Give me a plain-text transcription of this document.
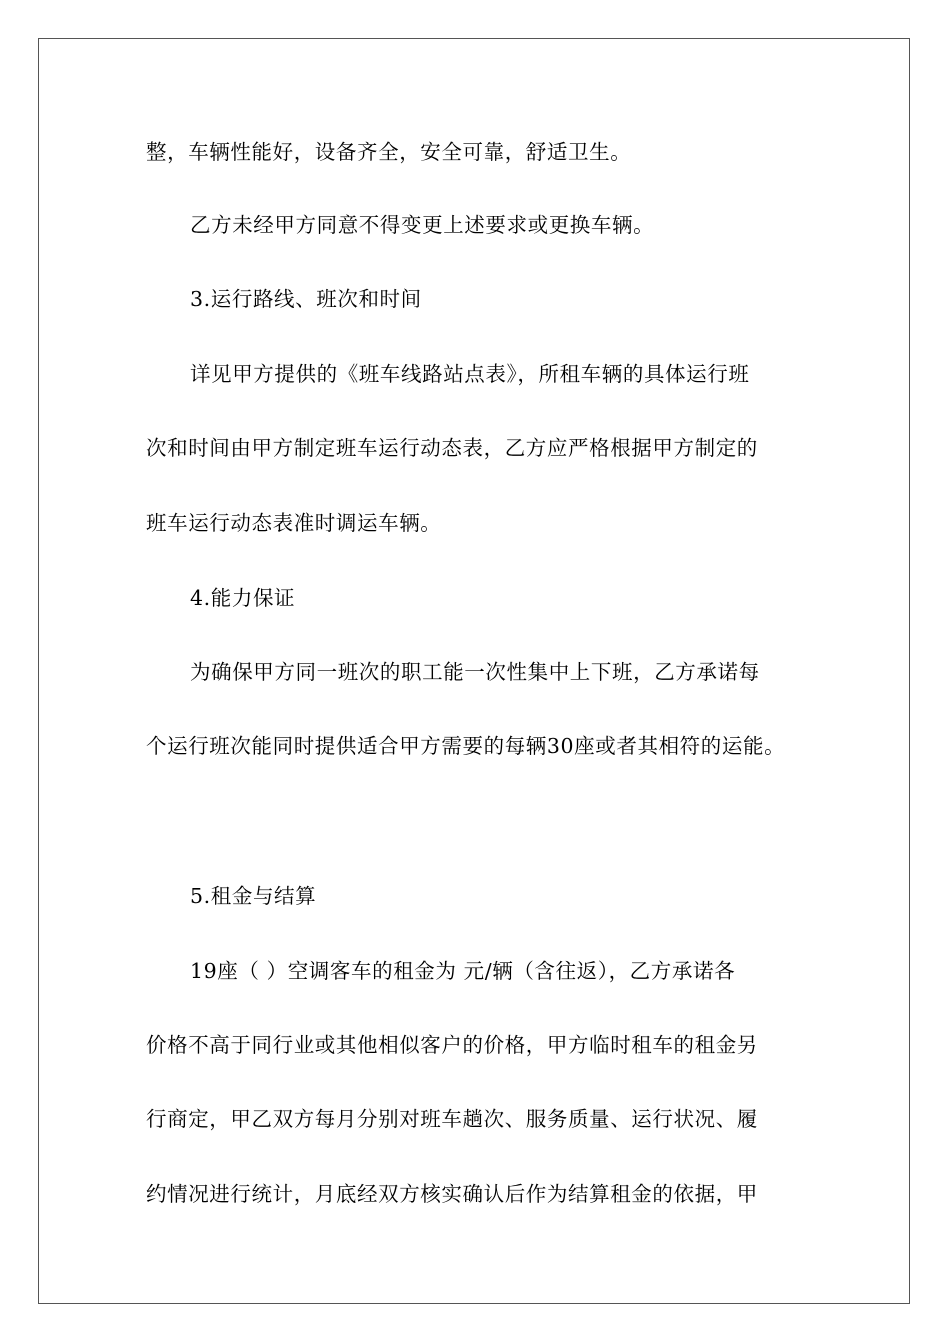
整，车辆性能好，设备齐全，安全可靠，舒适卫生。
乙方未经甲方同意不得变更上述要求或更换车辆。
3.运行路线、班次和时间
详见甲方提供的《班车线路站点表》，所租车辆的具体运行班
次和时间由甲方制定班车运行动态表，乙方应严格根据甲方制定的
班车运行动态表准时调运车辆。
4.能力保证
为确保甲方同一班次的职工能一次性集中上下班，乙方承诺每
个运行班次能同时提供适合甲方需要的每辆30座或者其相符的运能。
5.租金与结算
19座（ ）空调客车的租金为 元/辆（含往返），乙方承诺各
价格不高于同行业或其他相似客户的价格，甲方临时租车的租金另
行商定，甲乙双方每月分别对班车趟次、服务质量、运行状况、履
约情况进行统计，月底经双方核实确认后作为结算租金的依据，甲
